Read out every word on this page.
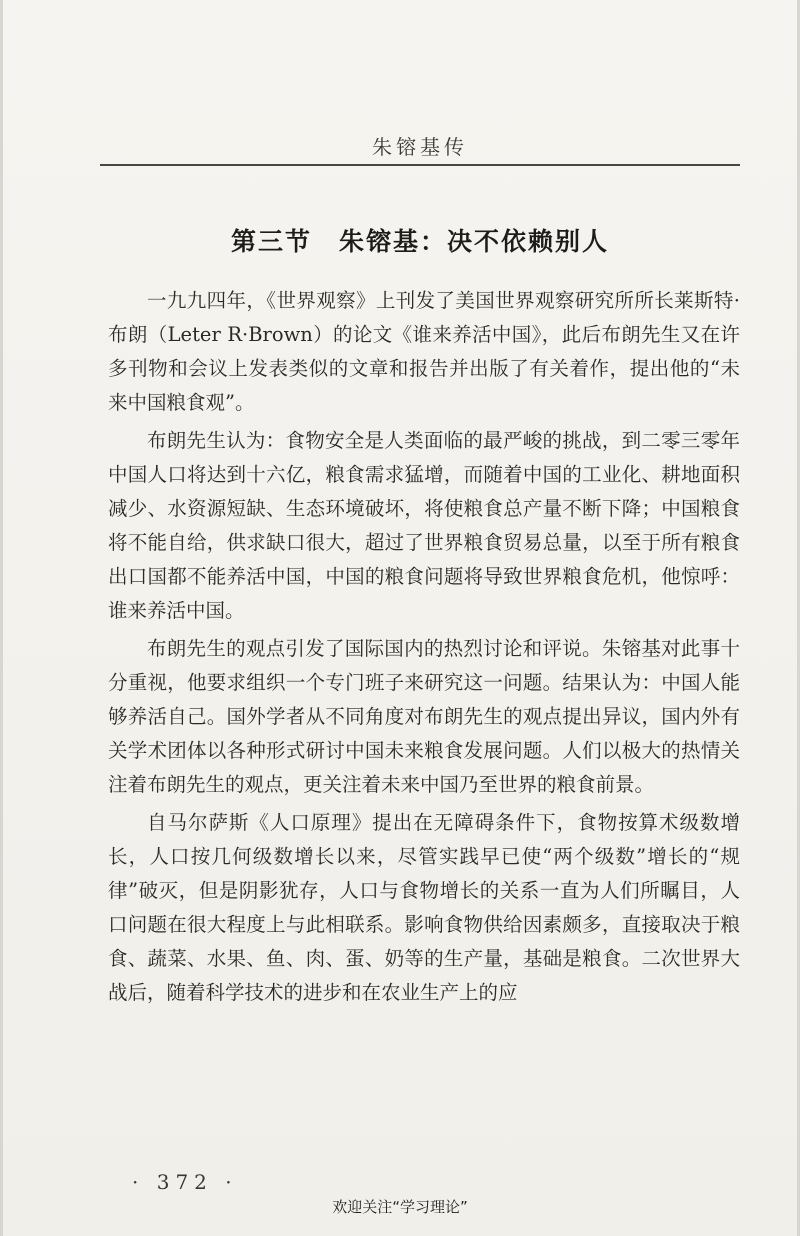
朱镕基传
第三节　朱镕基：决不依赖别人

一九九四年，《世界观察》上刊发了美国世界观察研究所所长莱斯特·布朗（Leter R·Brown）的论文《谁来养活中国》，此后布朗先生又在许多刊物和会议上发表类似的文章和报告并出版了有关着作，提出他的“未来中国粮食观”。

布朗先生认为：食物安全是人类面临的最严峻的挑战，到二零三零年中国人口将达到十六亿，粮食需求猛增，而随着中国的工业化、耕地面积减少、水资源短缺、生态环境破坏，将使粮食总产量不断下降；中国粮食将不能自给，供求缺口很大，超过了世界粮食贸易总量，以至于所有粮食出口国都不能养活中国，中国的粮食问题将导致世界粮食危机，他惊呼：谁来养活中国。

布朗先生的观点引发了国际国内的热烈讨论和评说。朱镕基对此事十分重视，他要求组织一个专门班子来研究这一问题。结果认为：中国人能够养活自己。国外学者从不同角度对布朗先生的观点提出异议，国内外有关学术团体以各种形式研讨中国未来粮食发展问题。人们以极大的热情关注着布朗先生的观点，更关注着未来中国乃至世界的粮食前景。

自马尔萨斯《人口原理》提出在无障碍条件下，食物按算术级数增长，人口按几何级数增长以来，尽管实践早已使“两个级数”增长的“规律”破灭，但是阴影犹存，人口与食物增长的关系一直为人们所瞩目，人口问题在很大程度上与此相联系。影响食物供给因素颇多，直接取决于粮食、蔬菜、水果、鱼、肉、蛋、奶等的生产量，基础是粮食。二次世界大战后，随着科学技术的进步和在农业生产上的应

· 372 ·
欢迎关注“学习理论”
